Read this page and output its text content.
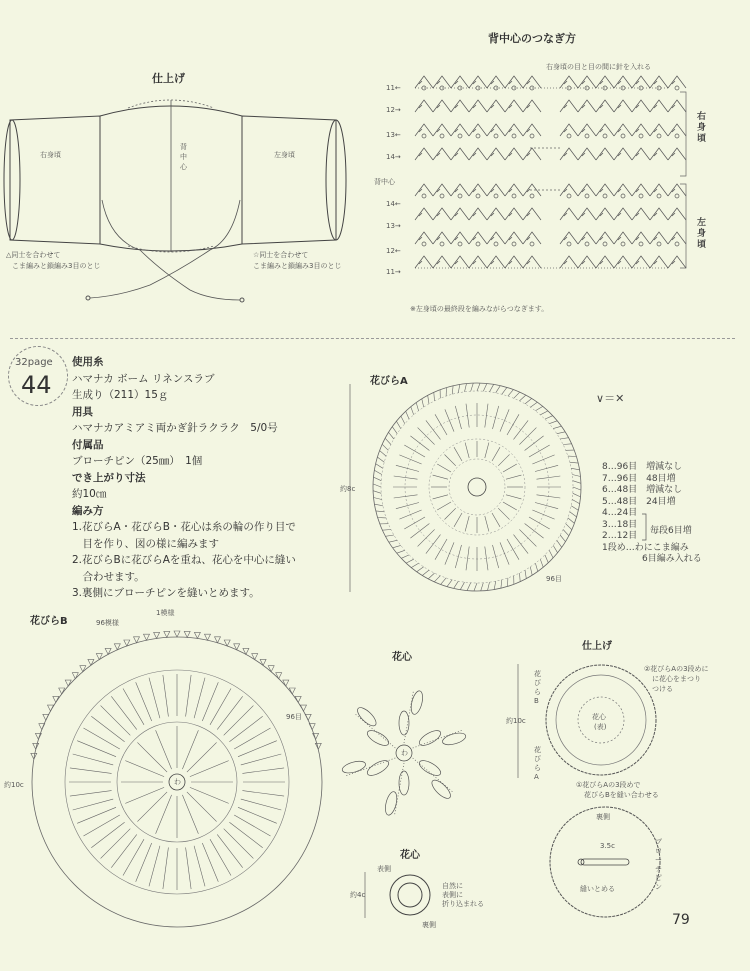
仕上げ
右身頃	左身頃
背中心
△同士を合わせて
こま編みと鎖編み3目のとじ
☆同士を合わせて
こま編みと鎖編み3目のとじ
背中心のつなぎ方
右身頃の目と目の間に針を入れる
11←
12→
13←
14→
背中心
14←
13→
12←
11→
右身頃
左身頃
※左身頃の最終段を編みながらつなぎます。
32page
44
使用糸
ハマナカ ボーム リネンスラブ
生成り（211）15ｇ
用具
ハマナカアミアミ両かぎ針ラクラク　5/0号
付属品
ブローチピン（25㎜）　1個
でき上がり寸法
約10㎝
編み方
1.花びらA・花びらB・花心は糸の輪の作り目で
　目を作り、図の様に編みます
2.花びらBに花びらAを重ね、花心を中心に縫い
　合わせます。
3.裏側にブローチピンを縫いとめます。
花びらA
約8c
96目
∨＝✕
8…96目　増減なし
7…96目　48目増
6…48目　増減なし
5…48目　24目増
4…24目
3…18目
2…12目
1段め…わにこま編み
6目編み入れる
毎段6目増
花びらB	96模様
1模様
96目
約10c	わ
花心
わ
花心
表側
裏側
約4c
自然に
表側に
折り込まれる
仕上げ
花びらB
花びらA
約10c	花心
(表)
②花びらAの3段めに
に花心をまつり
つける
①花びらAの3段めで
花びらBを縫い合わせる
裏側
3.5c	ブローチピン
縫いとめる
79
